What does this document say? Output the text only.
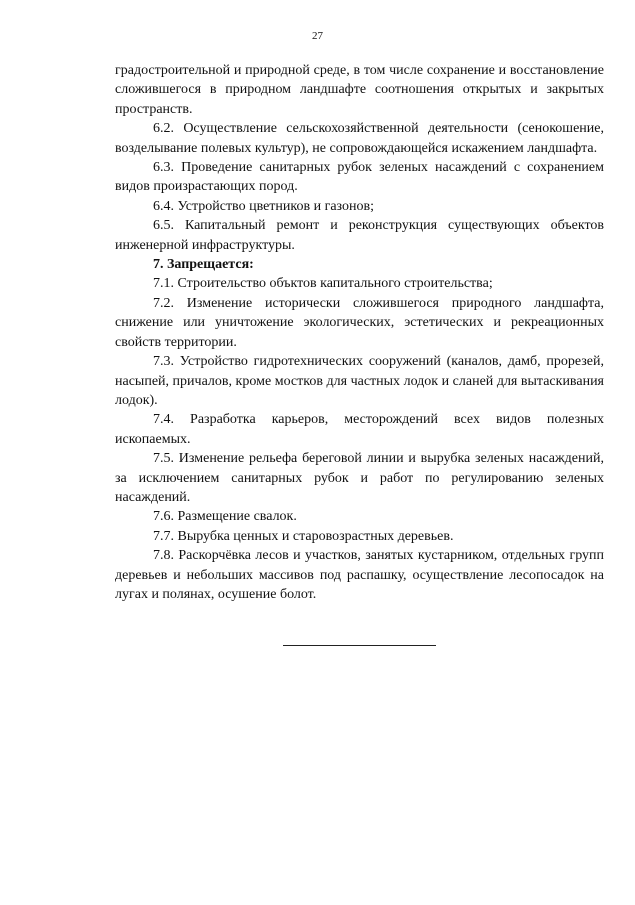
27

градостроительной и природной среде, в том числе сохранение и восстановление сложившегося в природном ландшафте соотношения открытых и закрытых пространств.

6.2. Осуществление сельскохозяйственной деятельности (сенокошение, возделывание полевых культур), не сопровождающейся искажением ландшафта.

6.3. Проведение санитарных рубок зеленых насаждений с сохранением видов произрастающих пород.

6.4. Устройство цветников и газонов;

6.5. Капитальный ремонт и реконструкция существующих объектов инженерной инфраструктуры.

7. Запрещается:

7.1. Строительство объктов капитального строительства;

7.2. Изменение исторически сложившегося природного ландшафта, снижение или уничтожение экологических, эстетических и рекреационных свойств территории.

7.3. Устройство гидротехнических сооружений (каналов, дамб, прорезей, насыпей, причалов, кроме мостков для частных лодок и сланей для вытаскивания лодок).

7.4. Разработка карьеров, месторождений всех видов полезных ископаемых.

7.5. Изменение рельефа береговой линии и вырубка зеленых насаждений, за исключением санитарных рубок и работ по регулированию зеленых насаждений.

7.6. Размещение свалок.

7.7. Вырубка ценных и старовозрастных деревьев.

7.8. Раскорчёвка лесов и участков, занятых кустарником, отдельных групп деревьев и небольших массивов под распашку, осуществление лесопосадок на лугах и полянах, осушение болот.
